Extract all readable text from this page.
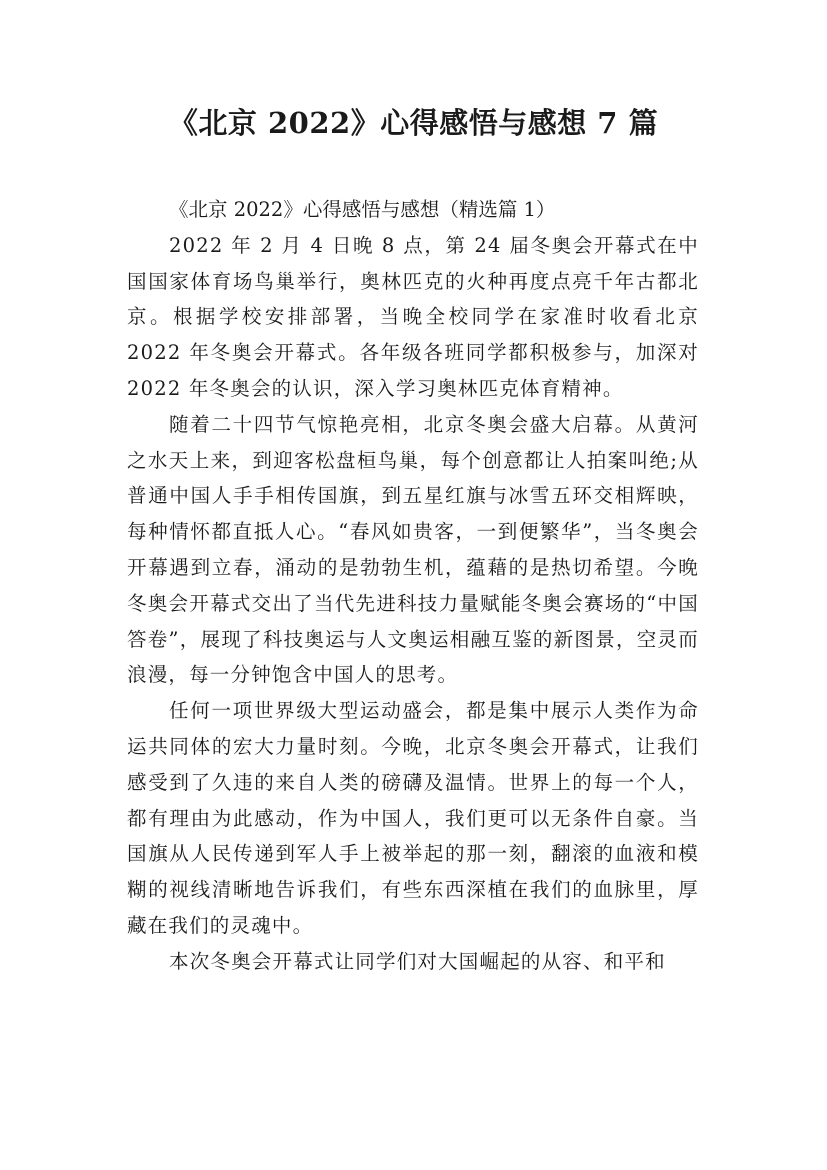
《北京 2022》心得感悟与感想 7 篇

《北京 2022》心得感悟与感想（精选篇 1）

2022 年 2 月 4 日晚 8 点，第 24 届冬奥会开幕式在中国国家体育场鸟巢举行，奥林匹克的火种再度点亮千年古都北京。根据学校安排部署，当晚全校同学在家准时收看北京 2022 年冬奥会开幕式。各年级各班同学都积极参与，加深对 2022 年冬奥会的认识，深入学习奥林匹克体育精神。

随着二十四节气惊艳亮相，北京冬奥会盛大启幕。从黄河之水天上来，到迎客松盘桓鸟巢，每个创意都让人拍案叫绝;从普通中国人手手相传国旗，到五星红旗与冰雪五环交相辉映，每种情怀都直抵人心。“春风如贵客，一到便繁华”，当冬奥会开幕遇到立春，涌动的是勃勃生机，蕴藉的是热切希望。今晚冬奥会开幕式交出了当代先进科技力量赋能冬奥会赛场的“中国答卷”，展现了科技奥运与人文奥运相融互鉴的新图景，空灵而浪漫，每一分钟饱含中国人的思考。

任何一项世界级大型运动盛会，都是集中展示人类作为命运共同体的宏大力量时刻。今晚，北京冬奥会开幕式，让我们感受到了久违的来自人类的磅礴及温情。世界上的每一个人，都有理由为此感动，作为中国人，我们更可以无条件自豪。当国旗从人民传递到军人手上被举起的那一刻，翻滚的血液和模糊的视线清晰地告诉我们，有些东西深植在我们的血脉里，厚藏在我们的灵魂中。

本次冬奥会开幕式让同学们对大国崛起的从容、和平和
